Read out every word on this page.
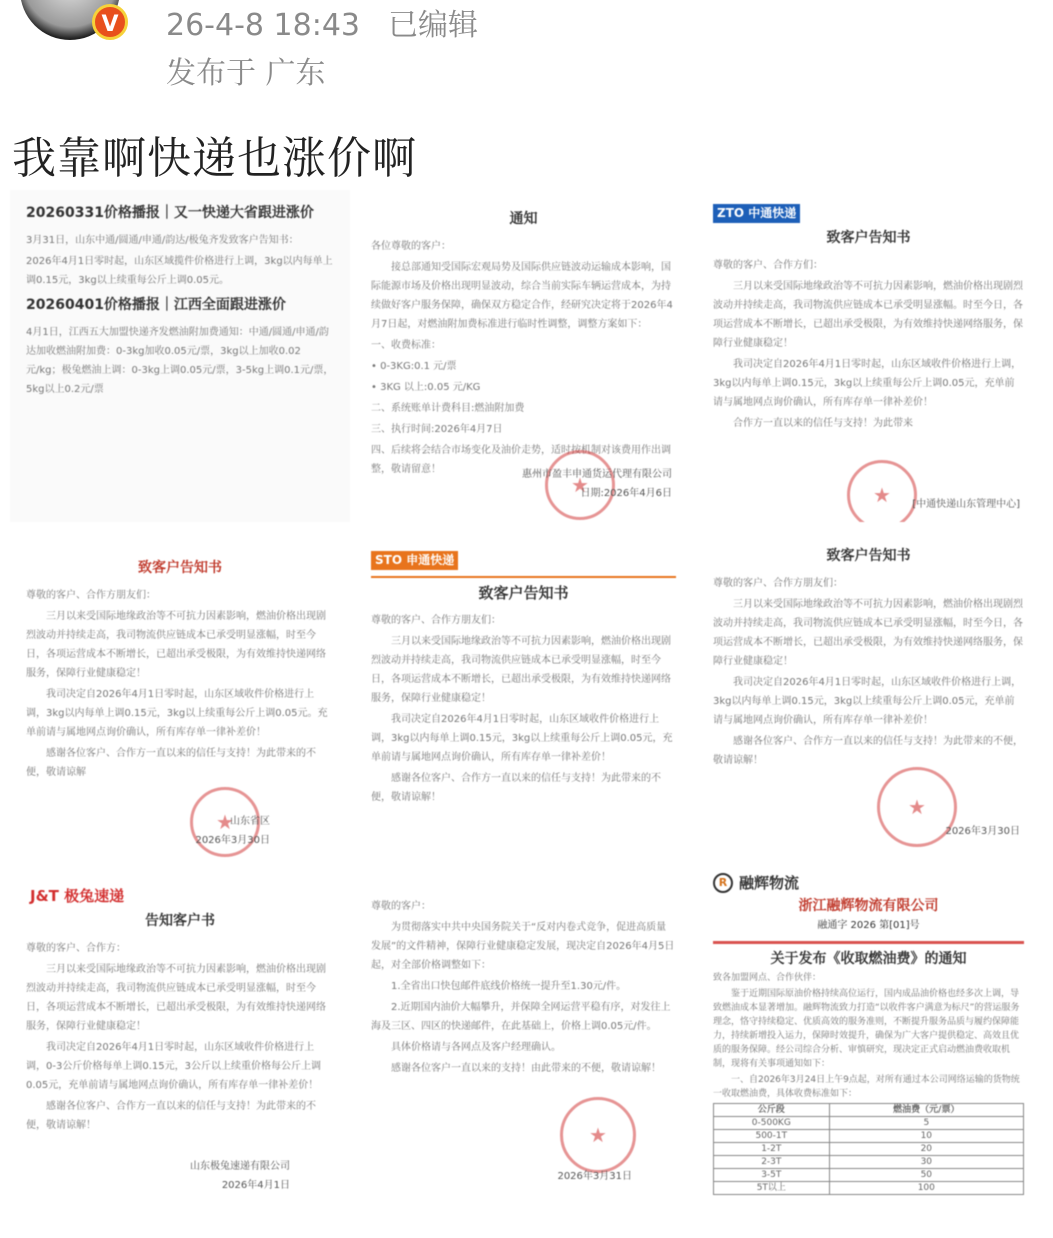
V	26-4-8 18:43 已编辑
发布于 广东
我靠啊快递也涨价啊
20260331价格播报｜又一快递大省跟进涨价

3月31日，山东中通/圆通/申通/韵达/极兔齐发致客户告知书：

2026年4月1日零时起，山东区域揽件价格进行上调，3kg以内每单上调0.15元，3kg以上续重每公斤上调0.05元。

20260401价格播报｜江西全面跟进涨价

4月1日，江西五大加盟快递齐发燃油附加费通知：中通/圆通/申通/韵达加收燃油附加费：0-3kg加收0.05元/票，3kg以上加收0.02元/kg；极兔燃油上调：0-3kg上调0.05元/票，3-5kg上调0.1元/票，5kg以上0.2元/票

通知

各位尊敬的客户：

接总部通知受国际宏观局势及国际供应链波动运输成本影响，国际能源市场及价格出现明显波动，综合当前实际车辆运营成本，为持续做好客户服务保障，确保双方稳定合作，经研究决定将于2026年4月7日起，对燃油附加费标准进行临时性调整，调整方案如下：

一、收费标准：

• 0-3KG:0.1 元/票

• 3KG 以上:0.05 元/KG

二、系统账单计费科目:燃油附加费

三、执行时间:2026年4月7日

四、后续将会结合市场变化及油价走势，适时按机制对该费用作出调整，敬请留意！

★
惠州市盈丰申通货运代理有限公司
日期:2026年4月6日
ZTO 中通快递
致客户告知书

尊敬的客户、合作方们：

三月以来受国际地缘政治等不可抗力因素影响，燃油价格出现剧烈波动并持续走高，我司物流供应链成本已承受明显涨幅。时至今日，各项运营成本不断增长，已超出承受极限，为有效维持快递网络服务，保障行业健康稳定！

我司决定自2026年4月1日零时起，山东区域收件价格进行上调，3kg以内每单上调0.15元，3kg以上续重每公斤上调0.05元，充单前请与属地网点询价确认，所有库存单一律补差价！

合作方一直以来的信任与支持！为此带来

★	[中通快递山东管理中心]
致客户告知书

尊敬的客户、合作方朋友们：

三月以来受国际地缘政治等不可抗力因素影响，燃油价格出现剧烈波动并持续走高，我司物流供应链成本已承受明显涨幅，时至今日，各项运营成本不断增长，已超出承受极限，为有效维持快递网络服务，保障行业健康稳定！

我司决定自2026年4月1日零时起，山东区域收件价格进行上调，3kg以内每单上调0.15元，3kg以上续重每公斤上调0.05元。充单前请与属地网点询价确认，所有库存单一律补差价！

感谢各位客户、合作方一直以来的信任与支持！为此带来的不便，敬请谅解

★
山东省区
2026年3月30日
STO 申通快递
致客户告知书

尊敬的客户、合作方朋友们：

三月以来受国际地缘政治等不可抗力因素影响，燃油价格出现剧烈波动并持续走高，我司物流供应链成本已承受明显涨幅，时至今日，各项运营成本不断增长，已超出承受极限，为有效维持快递网络服务，保障行业健康稳定！

我司决定自2026年4月1日零时起，山东区域收件价格进行上调，3kg以内每单上调0.15元，3kg以上续重每公斤上调0.05元，充单前请与属地网点询价确认，所有库存单一律补差价！

感谢各位客户、合作方一直以来的信任与支持！为此带来的不便，敬请谅解！

致客户告知书

尊敬的客户、合作方朋友们：

三月以来受国际地缘政治等不可抗力因素影响，燃油价格出现剧烈波动并持续走高，我司物流供应链成本已承受明显涨幅，时至今日，各项运营成本不断增长，已超出承受极限，为有效维持快递网络服务，保障行业健康稳定！

我司决定自2026年4月1日零时起，山东区域收件价格进行上调，3kg以内每单上调0.15元，3kg以上续重每公斤上调0.05元，充单前请与属地网点询价确认，所有库存单一律补差价！

感谢各位客户、合作方一直以来的信任与支持！为此带来的不便，敬请谅解！

★
2026年3月30日
J&T 极兔速递
告知客户书

尊敬的客户、合作方：

三月以来受国际地缘政治等不可抗力因素影响，燃油价格出现剧烈波动并持续走高，我司物流供应链成本已承受明显涨幅，时至今日，各项运营成本不断增长，已超出承受极限，为有效维持快递网络服务，保障行业健康稳定！

我司决定自2026年4月1日零时起，山东区域收件价格进行上调，0-3公斤价格每单上调0.15元，3公斤以上续重价格每公斤上调0.05元，充单前请与属地网点询价确认，所有库存单一律补差价！

感谢各位客户、合作方一直以来的信任与支持！为此带来的不便，敬请谅解！

山东极兔速递有限公司
2026年4月1日

尊敬的客户：

为贯彻落实中共中央国务院关于“反对内卷式竞争，促进高质量发展”的文件精神，保障行业健康稳定发展，现决定自2026年4月5日起，对全部价格调整如下：

1.全省出口快包邮件底线价格统一提升至1.30元/件。

2.近期国内油价大幅攀升，并保障全网运营平稳有序，对发往上海及三区、四区的快递邮件，在此基础上，价格上调0.05元/件。

具体价格请与各网点及客户经理确认。

感谢各位客户一直以来的支持！由此带来的不便，敬请谅解！

★
2026年3月31日
R 融辉物流
浙江融辉物流有限公司
融通字 2026 第[01]号
关于发布《收取燃油费》的通知

致各加盟网点、合作伙伴：

鉴于近期国际原油价格持续高位运行，国内成品油价格也经多次上调，导致燃油成本显著增加。融辉物流致力打造“以收件客户满意为标尺”的营运服务理念，恪守持续稳定、优质高效的服务准则，不断提升服务品质与履约保障能力，持续新增投入运力，保障时效提升，确保为广大客户提供稳定、高效且优质的服务保障。经公司综合分析、审慎研究，现决定正式启动燃油费收取机制，现将有关事项通知如下：

一、自2026年3月24日上午9点起，对所有通过本公司网络运输的货物统一收取燃油费，具体收费标准如下：

公斤段	燃油费（元/票）
0-500KG	5
500-1T	10
1-2T	20
2-3T	30
3-5T	50
5T以上	100
